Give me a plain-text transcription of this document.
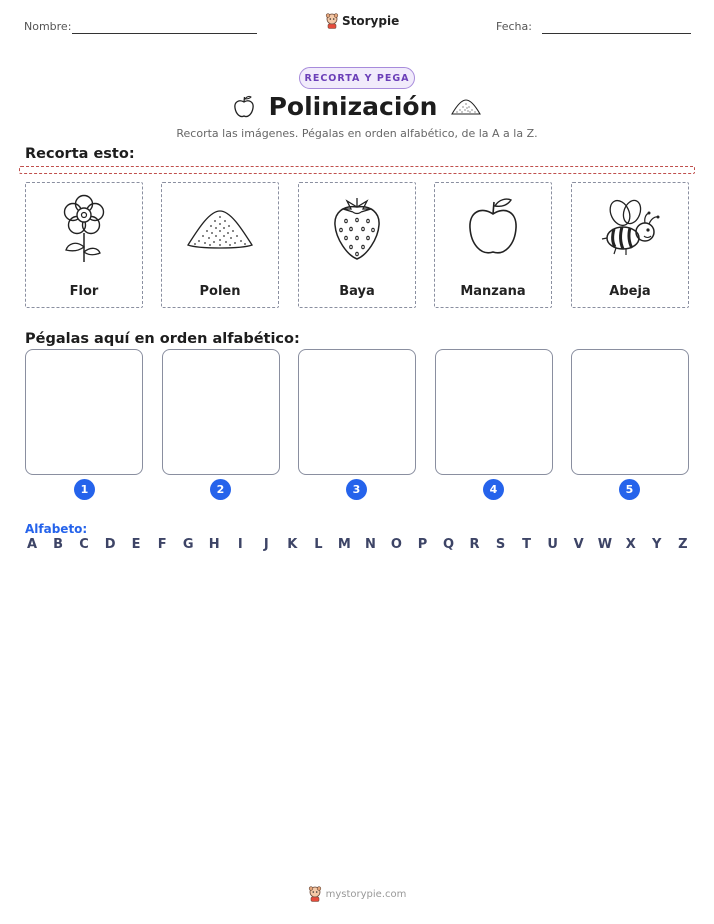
Nombre:	Storypie	Fecha:
RECORTA Y PEGA
Polinización
Recorta las imágenes. Pégalas en orden alfabético, de la A a la Z.
Recorta esto:
Flor	Polen	Baya	Manzana	Abeja
Pégalas aquí en orden alfabético:
1	2	3	4	5
Alfabeto:
A B C D E F G H	I	J	K L M N O P Q R S T U V W X Y Z
mystorypie.com
